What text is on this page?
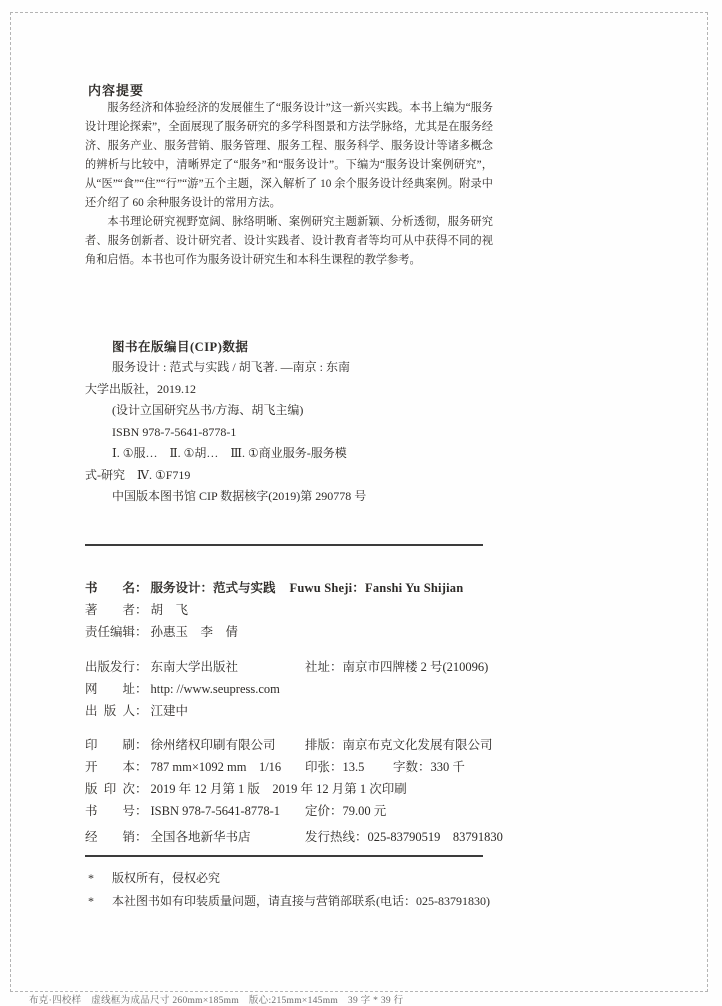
内容提要

服务经济和体验经济的发展催生了“服务设计”这一新兴实践。本书上编为“服务设计理论探索”，全面展现了服务研究的多学科图景和方法学脉络，尤其是在服务经济、服务产业、服务营销、服务管理、服务工程、服务科学、服务设计等诸多概念的辨析与比较中，清晰界定了“服务”和“服务设计”。下编为“服务设计案例研究”，从“医”“食”“住”“行”“游”五个主题，深入解析了 10 余个服务设计经典案例。附录中还介绍了 60 余种服务设计的常用方法。

本书理论研究视野宽阔、脉络明晰、案例研究主题新颖、分析透彻，服务研究者、服务创新者、设计研究者、设计实践者、设计教育者等均可从中获得不同的视角和启悟。本书也可作为服务设计研究生和本科生课程的教学参考。

图书在版编目(CIP)数据
服务设计 : 范式与实践 / 胡飞著. —南京 : 东南
大学出版社，2019.12
(设计立国研究丛书/方海、胡飞主编)
ISBN 978-7-5641-8778-1
Ⅰ. ①服…　Ⅱ. ①胡…　Ⅲ. ①商业服务-服务模
式-研究　Ⅳ. ①F719
中国版本图书馆 CIP 数据核字(2019)第 290778 号
书名： 服务设计：范式与实践 Fuwu Sheji：Fanshi Yu Shijian
著者： 胡　飞
责任编辑： 孙惠玉　李　倩
出版发行： 东南大学出版社	社址：南京市四牌楼 2 号(210096)
网址： http: //www.seupress.com
出版人： 江建中
印刷： 徐州绪权印刷有限公司 排版：南京布克文化发展有限公司
开本： 787 mm×1092 mm　1/16 印张：13.5 字数：330 千
版印次： 2019 年 12 月第 1 版　2019 年 12 月第 1 次印刷
书号： ISBN 978-7-5641-8778-1 定价：79.00 元
经销： 全国各地新华书店	发行热线：025-83790519　83791830
* 版权所有，侵权必究
* 本社图书如有印装质量问题，请直接与营销部联系(电话：025-83791830)
布克·四校样　虚线框为成品尺寸 260mm×185mm　版心:215mm×145mm　39 字 * 39 行
